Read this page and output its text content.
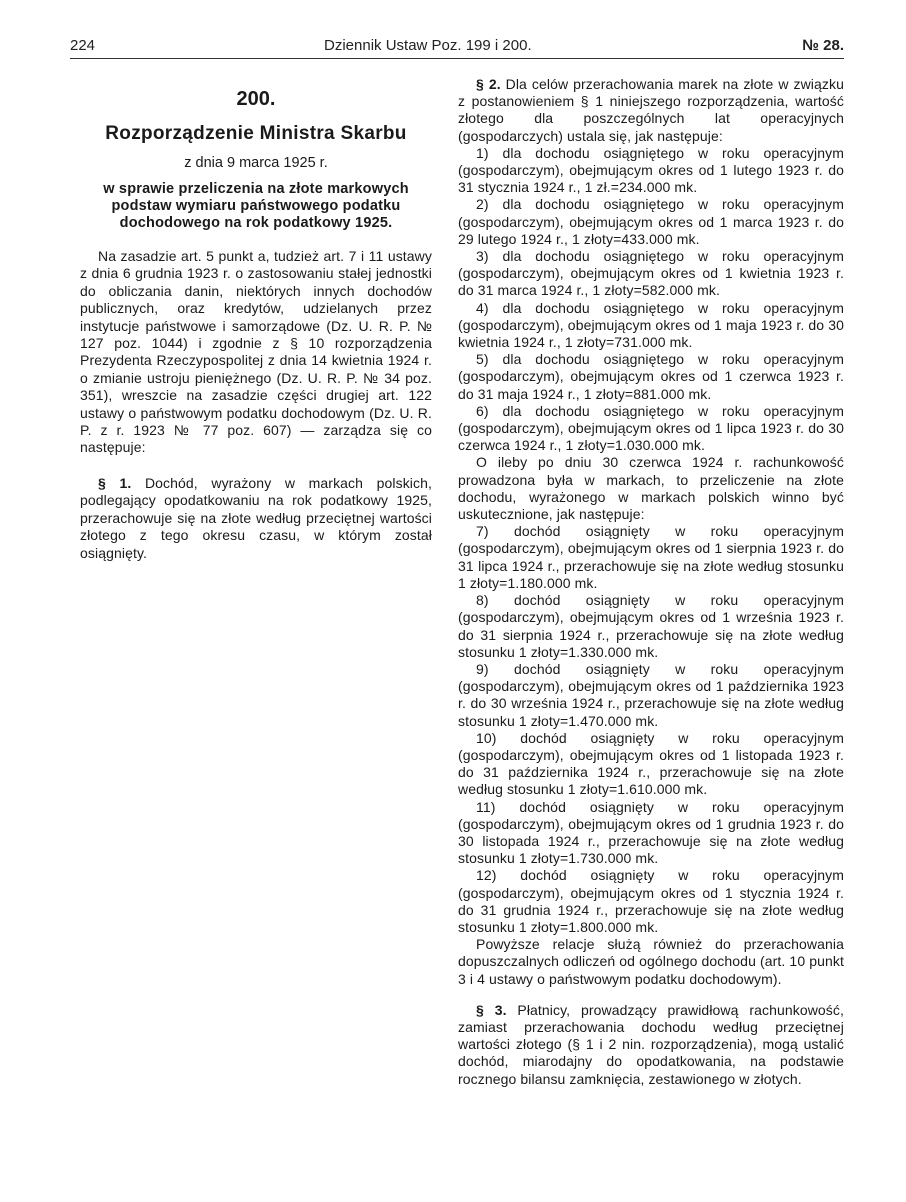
224	Dziennik Ustaw Poz. 199 i 200.	№ 28.
200.
Rozporządzenie Ministra Skarbu
z dnia 9 marca 1925 r.
w sprawie przeliczenia na złote markowych podstaw wymiaru państwowego podatku dochodowego na rok podatkowy 1925.

Na zasadzie art. 5 punkt a, tudzież art. 7 i 11 ustawy z dnia 6 grudnia 1923 r. o zastosowaniu stałej jednostki do obliczania danin, niektórych innych dochodów publicznych, oraz kredytów, udzielanych przez instytucje państwowe i samorządowe (Dz. U. R. P. № 127 poz. 1044) i zgodnie z § 10 rozporządzenia Prezydenta Rzeczypospolitej z dnia 14 kwietnia 1924 r. o zmianie ustroju pieniężnego (Dz. U. R. P. № 34 poz. 351), wreszcie na zasadzie części drugiej art. 122 ustawy o państwowym podatku dochodowym (Dz. U. R. P. z r. 1923 № 77 poz. 607) — zarządza się co następuje:

§ 1. Dochód, wyrażony w markach polskich, podlegający opodatkowaniu na rok podatkowy 1925, przerachowuje się na złote według przeciętnej wartości złotego z tego okresu czasu, w którym został osiągnięty.

§ 2. Dla celów przerachowania marek na złote w związku z postanowieniem § 1 niniejszego rozporządzenia, wartość złotego dla poszczególnych lat operacyjnych (gospodarczych) ustala się, jak następuje:

1) dla dochodu osiągniętego w roku operacyjnym (gospodarczym), obejmującym okres od 1 lutego 1923 r. do 31 stycznia 1924 r., 1 zł.=234.000 mk.

2) dla dochodu osiągniętego w roku operacyjnym (gospodarczym), obejmującym okres od 1 marca 1923 r. do 29 lutego 1924 r., 1 złoty=433.000 mk.

3) dla dochodu osiągniętego w roku operacyjnym (gospodarczym), obejmującym okres od 1 kwietnia 1923 r. do 31 marca 1924 r., 1 złoty=582.000 mk.

4) dla dochodu osiągniętego w roku operacyjnym (gospodarczym), obejmującym okres od 1 maja 1923 r. do 30 kwietnia 1924 r., 1 złoty=731.000 mk.

5) dla dochodu osiągniętego w roku operacyjnym (gospodarczym), obejmującym okres od 1 czerwca 1923 r. do 31 maja 1924 r., 1 złoty=881.000 mk.

6) dla dochodu osiągniętego w roku operacyjnym (gospodarczym), obejmującym okres od 1 lipca 1923 r. do 30 czerwca 1924 r., 1 złoty=1.030.000 mk.

O ileby po dniu 30 czerwca 1924 r. rachunkowość prowadzona była w markach, to przeliczenie na złote dochodu, wyrażonego w markach polskich winno być uskutecznione, jak następuje:

7) dochód osiągnięty w roku operacyjnym (gospodarczym), obejmującym okres od 1 sierpnia 1923 r. do 31 lipca 1924 r., przerachowuje się na złote według stosunku 1 złoty=1.180.000 mk.

8) dochód osiągnięty w roku operacyjnym (gospodarczym), obejmującym okres od 1 września 1923 r. do 31 sierpnia 1924 r., przerachowuje się na złote według stosunku 1 złoty=1.330.000 mk.

9) dochód osiągnięty w roku operacyjnym (gospodarczym), obejmującym okres od 1 października 1923 r. do 30 września 1924 r., przerachowuje się na złote według stosunku 1 złoty=1.470.000 mk.

10) dochód osiągnięty w roku operacyjnym (gospodarczym), obejmującym okres od 1 listopada 1923 r. do 31 października 1924 r., przerachowuje się na złote według stosunku 1 złoty=1.610.000 mk.

11) dochód osiągnięty w roku operacyjnym (gospodarczym), obejmującym okres od 1 grudnia 1923 r. do 30 listopada 1924 r., przerachowuje się na złote według stosunku 1 złoty=1.730.000 mk.

12) dochód osiągnięty w roku operacyjnym (gospodarczym), obejmującym okres od 1 stycznia 1924 r. do 31 grudnia 1924 r., przerachowuje się na złote według stosunku 1 złoty=1.800.000 mk.

Powyższe relacje służą również do przerachowania dopuszczalnych odliczeń od ogólnego dochodu (art. 10 punkt 3 i 4 ustawy o państwowym podatku dochodowym).

§ 3. Płatnicy, prowadzący prawidłową rachunkowość, zamiast przerachowania dochodu według przeciętnej wartości złotego (§ 1 i 2 nin. rozporządzenia), mogą ustalić dochód, miarodajny do opodatkowania, na podstawie rocznego bilansu zamknięcia, zestawionego w złotych.
